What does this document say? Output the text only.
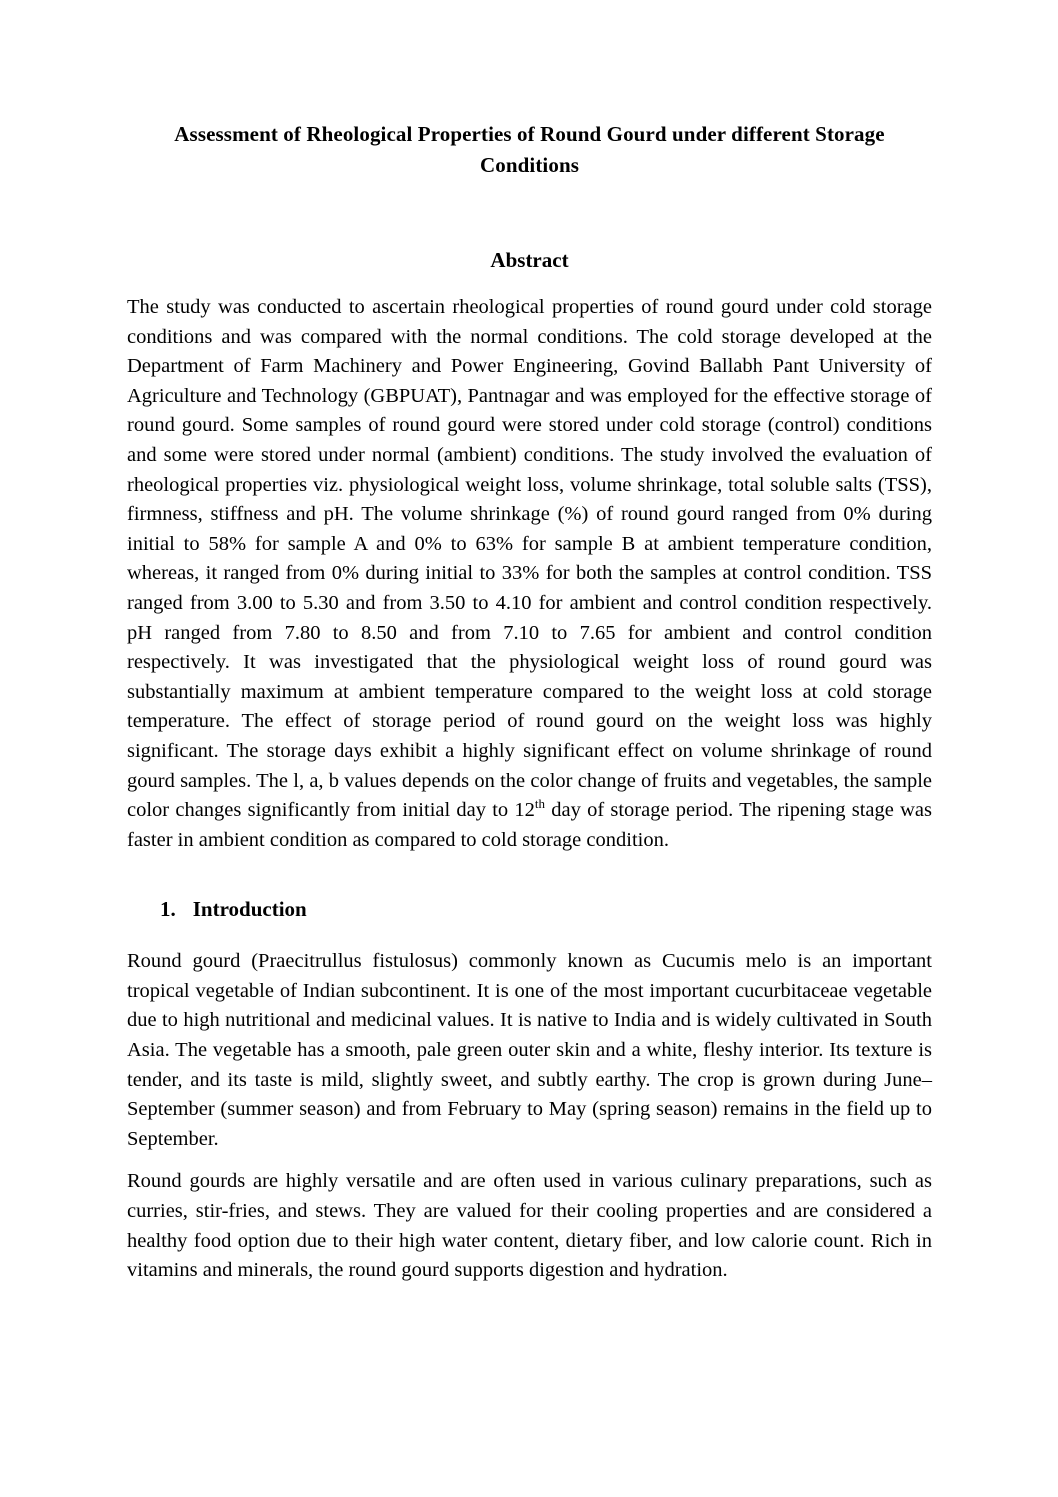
Assessment of Rheological Properties of Round Gourd under different Storage Conditions
Abstract

The study was conducted to ascertain rheological properties of round gourd under cold storage conditions and was compared with the normal conditions. The cold storage developed at the Department of Farm Machinery and Power Engineering, Govind Ballabh Pant University of Agriculture and Technology (GBPUAT), Pantnagar and was employed for the effective storage of round gourd. Some samples of round gourd were stored under cold storage (control) conditions and some were stored under normal (ambient) conditions. The study involved the evaluation of rheological properties viz. physiological weight loss, volume shrinkage, total soluble salts (TSS), firmness, stiffness and pH. The volume shrinkage (%) of round gourd ranged from 0% during initial to 58% for sample A and 0% to 63% for sample B at ambient temperature condition, whereas, it ranged from 0% during initial to 33% for both the samples at control condition. TSS ranged from 3.00 to 5.30 and from 3.50 to 4.10 for ambient and control condition respectively. pH ranged from 7.80 to 8.50 and from 7.10 to 7.65 for ambient and control condition respectively. It was investigated that the physiological weight loss of round gourd was substantially maximum at ambient temperature compared to the weight loss at cold storage temperature. The effect of storage period of round gourd on the weight loss was highly significant. The storage days exhibit a highly significant effect on volume shrinkage of round gourd samples. The l, a, b values depends on the color change of fruits and vegetables, the sample color changes significantly from initial day to 12th day of storage period. The ripening stage was faster in ambient condition as compared to cold storage condition.

1. Introduction

Round gourd (Praecitrullus fistulosus) commonly known as Cucumis melo is an important tropical vegetable of Indian subcontinent. It is one of the most important cucurbitaceae vegetable due to high nutritional and medicinal values. It is native to India and is widely cultivated in South Asia. The vegetable has a smooth, pale green outer skin and a white, fleshy interior. Its texture is tender, and its taste is mild, slightly sweet, and subtly earthy. The crop is grown during June–September (summer season) and from February to May (spring season) remains in the field up to September.

Round gourds are highly versatile and are often used in various culinary preparations, such as curries, stir-fries, and stews. They are valued for their cooling properties and are considered a healthy food option due to their high water content, dietary fiber, and low calorie count. Rich in vitamins and minerals, the round gourd supports digestion and hydration.
